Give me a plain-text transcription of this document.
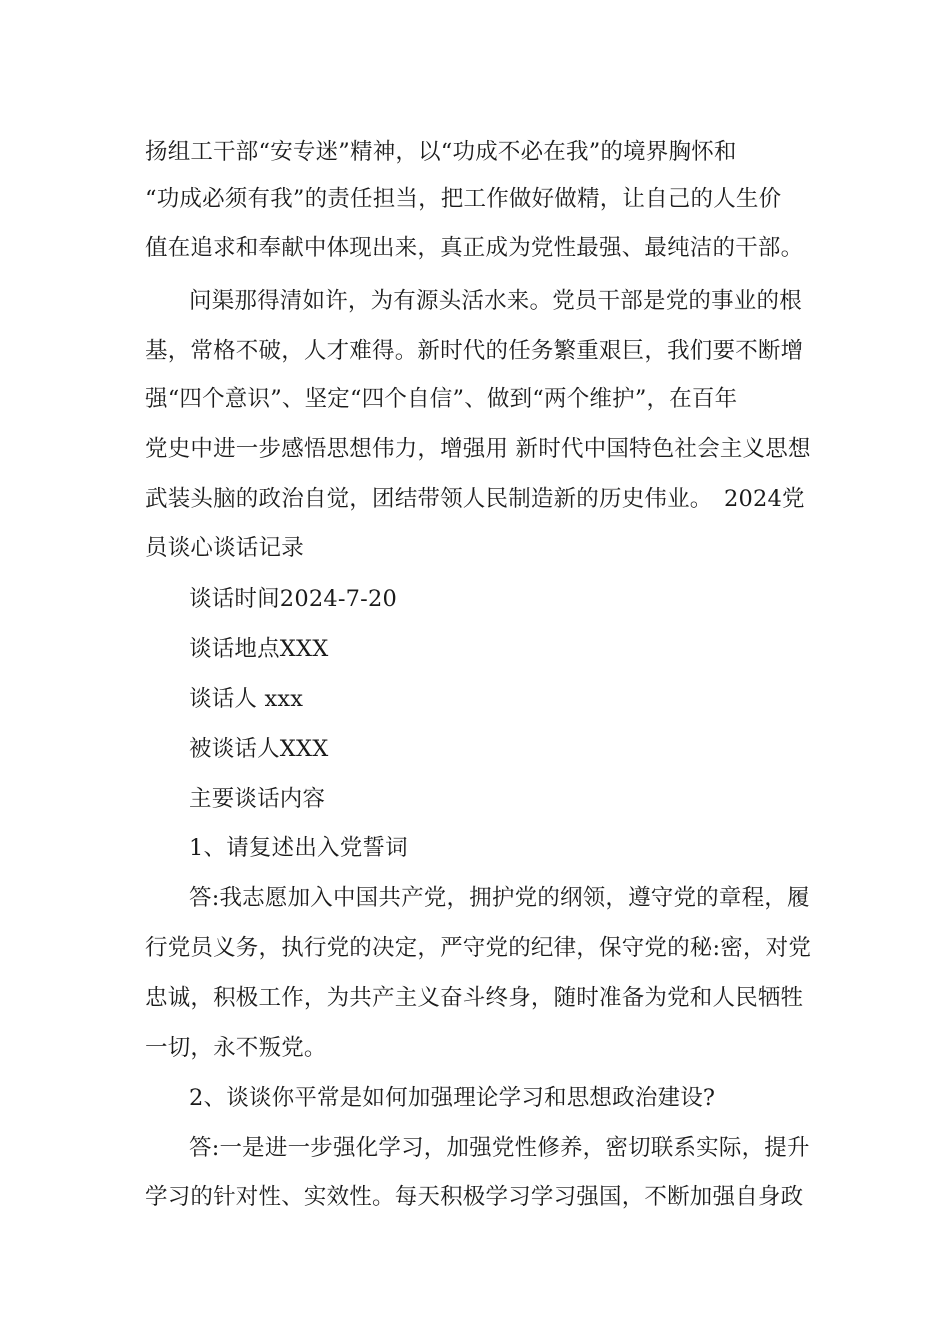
扬组工干部“安专迷”精神，以“功成不必在我”的境界胸怀和
“功成必须有我”的责任担当，把工作做好做精，让自己的人生价
值在追求和奉献中体现出来，真正成为党性最强、最纯洁的干部。
问渠那得清如许，为有源头活水来。党员干部是党的事业的根
基，常格不破，人才难得。新时代的任务繁重艰巨，我们要不断增
强“四个意识”、坚定“四个自信”、做到“两个维护”，在百年
党史中进一步感悟思想伟力，增强用 新时代中国特色社会主义思想
武装头脑的政治自觉，团结带领人民制造新的历史伟业。　2024党
员谈心谈话记录
谈话时间2024-7-20
谈话地点XXX
谈话人 xxx
被谈话人XXX
主要谈话内容
1、请复述出入党誓词
答:我志愿加入中国共产党，拥护党的纲领，遵守党的章程，履
行党员义务，执行党的决定，严守党的纪律，保守党的秘:密，对党
忠诚，积极工作，为共产主义奋斗终身，随时准备为党和人民牺牲
一切，永不叛党。
2、谈谈你平常是如何加强理论学习和思想政治建设?
答:一是进一步强化学习，加强党性修养，密切联系实际，提升
学习的针对性、实效性。每天积极学习学习强国，不断加强自身政
